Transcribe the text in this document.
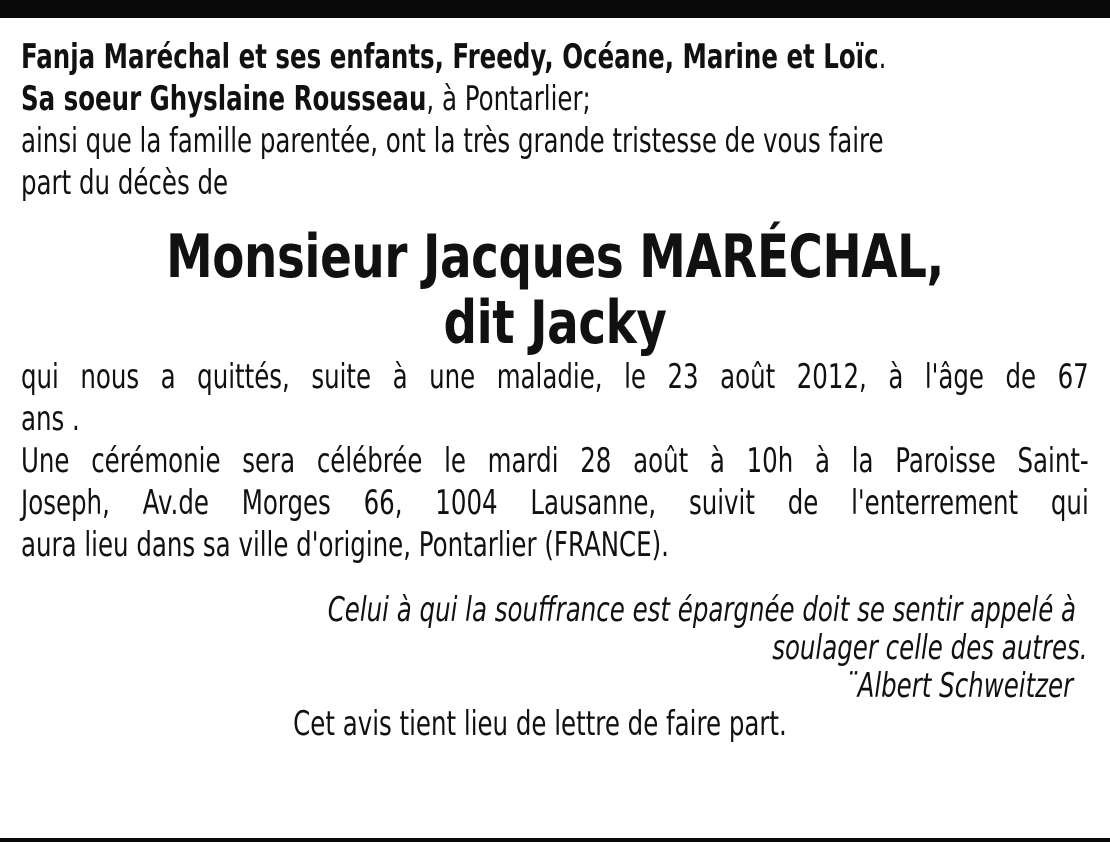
Fanja Maréchal et ses enfants, Freedy, Océane, Marine et Loïc.
Sa soeur Ghyslaine Rousseau, à Pontarlier;
ainsi que la famille parentée, ont la très grande tristesse de vous faire
part du décès de
Monsieur Jacques MARÉCHAL,
dit Jacky
qui nous a quittés, suite à une maladie, le 23 août 2012, à l'âge de 67
ans .
Une cérémonie sera célébrée le mardi 28 août à 10h à la Paroisse Saint-
Joseph, Av.de Morges 66, 1004 Lausanne, suivit de l'enterrement qui
aura lieu dans sa ville d'origine, Pontarlier (FRANCE).
Celui à qui la souffrance est épargnée doit se sentir appelé à
soulager celle des autres.
¨Albert Schweitzer
Cet avis tient lieu de lettre de faire part.
